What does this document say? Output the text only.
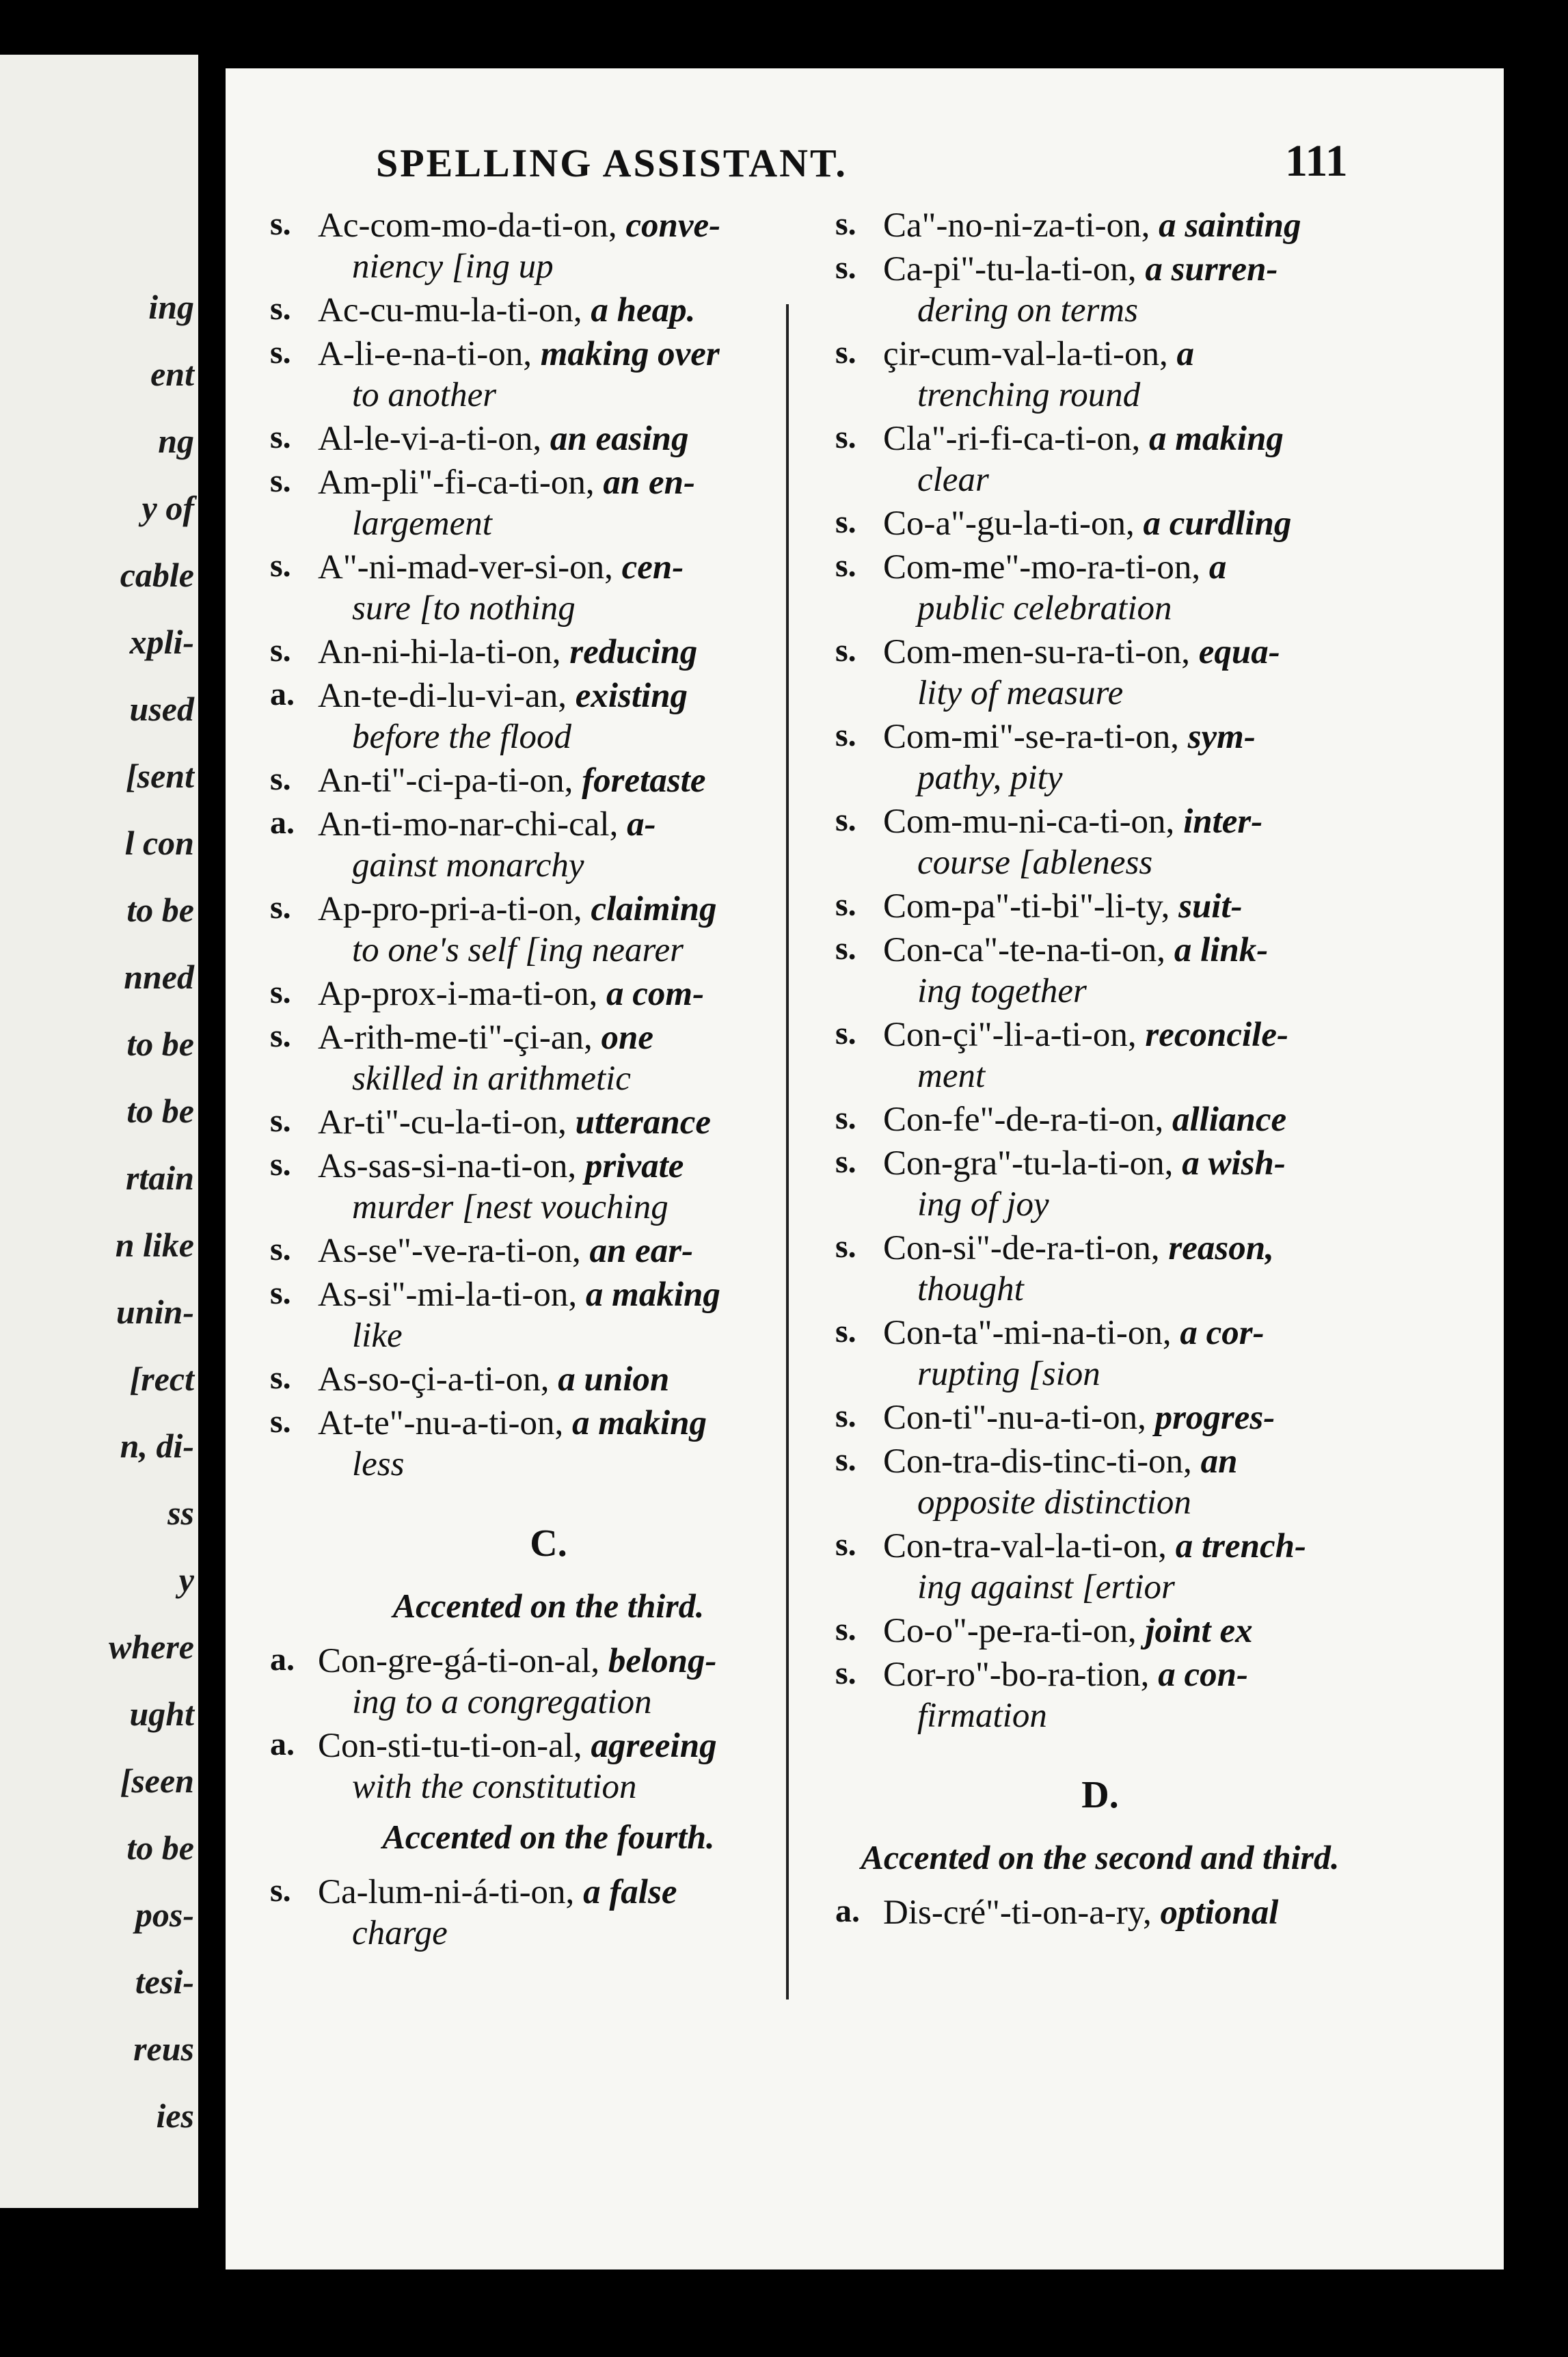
ing
ent
ng
y of
cable
xpli-
used
[sent
l con
to be
nned
to be
to be
rtain
n like
unin-
[rect
n, di-
ss
y
where
ught
[seen
to be
pos-
tesi-
reus
ies
SPELLING ASSISTANT.	111
s. Ac-com-mo-da-ti-on, conve-
niency [ing up
s. Ac-cu-mu-la-ti-on, a heap.
s. A-li-e-na-ti-on, making over
to another
s. Al-le-vi-a-ti-on, an easing
s. Am-pli"-fi-ca-ti-on, an en-
largement
s. A"-ni-mad-ver-si-on, cen-
sure [to nothing
s. An-ni-hi-la-ti-on, reducing
a. An-te-di-lu-vi-an, existing
before the flood
s. An-ti"-ci-pa-ti-on, foretaste
a. An-ti-mo-nar-chi-cal, a-
gainst monarchy
s. Ap-pro-pri-a-ti-on, claiming
to one's self [ing nearer
s. Ap-prox-i-ma-ti-on, a com-
s. A-rith-me-ti"-çi-an, one
skilled in arithmetic
s. Ar-ti"-cu-la-ti-on, utterance
s. As-sas-si-na-ti-on, private
murder [nest vouching
s. As-se"-ve-ra-ti-on, an ear-
s. As-si"-mi-la-ti-on, a making
like
s. As-so-çi-a-ti-on, a union
s. At-te"-nu-a-ti-on, a making
less
C.
Accented on the third.
a. Con-gre-gá-ti-on-al, belong-
ing to a congregation
a. Con-sti-tu-ti-on-al, agreeing
with the constitution
Accented on the fourth.
s. Ca-lum-ni-á-ti-on, a false
charge
s. Ca"-no-ni-za-ti-on, a sainting
s. Ca-pi"-tu-la-ti-on, a surren-
dering on terms
s. çir-cum-val-la-ti-on, a
trenching round
s. Cla"-ri-fi-ca-ti-on, a making
clear
s. Co-a"-gu-la-ti-on, a curdling
s. Com-me"-mo-ra-ti-on, a
public celebration
s. Com-men-su-ra-ti-on, equa-
lity of measure
s. Com-mi"-se-ra-ti-on, sym-
pathy, pity
s. Com-mu-ni-ca-ti-on, inter-
course [ableness
s. Com-pa"-ti-bi"-li-ty, suit-
s. Con-ca"-te-na-ti-on, a link-
ing together
s. Con-çi"-li-a-ti-on, reconcile-
ment
s. Con-fe"-de-ra-ti-on, alliance
s. Con-gra"-tu-la-ti-on, a wish-
ing of joy
s. Con-si"-de-ra-ti-on, reason,
thought
s. Con-ta"-mi-na-ti-on, a cor-
rupting [sion
s. Con-ti"-nu-a-ti-on, progres-
s. Con-tra-dis-tinc-ti-on, an
opposite distinction
s. Con-tra-val-la-ti-on, a trench-
ing against [ertior
s. Co-o"-pe-ra-ti-on, joint ex
s. Cor-ro"-bo-ra-tion, a con-
firmation
D.
Accented on the second and third.
a. Dis-cré"-ti-on-a-ry, optional
